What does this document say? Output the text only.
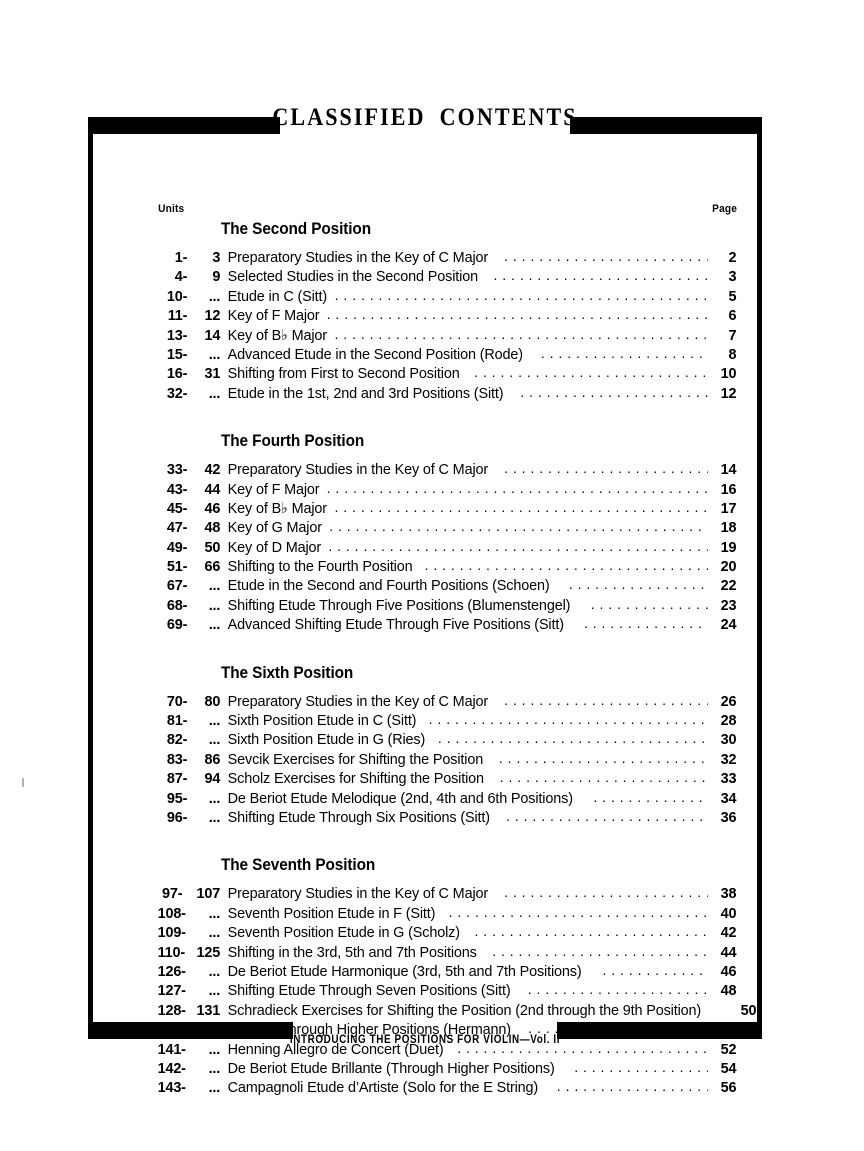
CLASSIFIED CONTENTS
INTRODUCING THE POSITIONS FOR VIOLIN—Vol. II
Units	Page
The Second Position
1-	3 Preparatory Studies in the Key of C Major . . .	2
4-	9 Selected Studies in the Second Position . . .	3
10-	... Etude in C (Sitt) . . .	5
11-	12 Key of F Major . . .	6
13-	14 Key of B♭ Major . . .	7
15-	... Advanced Etude in the Second Position (Rode) . . .	8
16-	31 Shifting from First to Second Position . . .	10
32-	... Etude in the 1st, 2nd and 3rd Positions (Sitt) . . .	12
The Fourth Position
33-	42 Preparatory Studies in the Key of C Major . . .	14
43-	44 Key of F Major . . .	16
45-	46 Key of B♭ Major . . .	17
47-	48 Key of G Major . . .	18
49-	50 Key of D Major . . .	19
51-	66 Shifting to the Fourth Position . . .	20
67-	... Etude in the Second and Fourth Positions (Schoen) . . .	22
68-	... Shifting Etude Through Five Positions (Blumenstengel) . . .	23
69-	... Advanced Shifting Etude Through Five Positions (Sitt) . . .	24
The Sixth Position
70-	80 Preparatory Studies in the Key of C Major . . .	26
81-	... Sixth Position Etude in C (Sitt) . . .	28
82-	... Sixth Position Etude in G (Ries) . . .	30
83-	86 Sevcik Exercises for Shifting the Position . . .	32
87-	94 Scholz Exercises for Shifting the Position . . .	33
95-	... De Beriot Etude Melodique (2nd, 4th and 6th Positions) . . .	34
96-	... Shifting Etude Through Six Positions (Sitt) . . .	36
The Seventh Position
97- 107 Preparatory Studies in the Key of C Major . . .	38
108-	... Seventh Position Etude in F (Sitt) . . .	40
109-	... Seventh Position Etude in G (Scholz) . . .	42
110- 125 Shifting in the 3rd, 5th and 7th Positions . . .	44
126-	... De Beriot Etude Harmonique (3rd, 5th and 7th Positions) . . .	46
127-	... Shifting Etude Through Seven Positions (Sitt) . . .	48
128- 131 Schradieck Exercises for Shifting the Position (2nd through the 9th Position)	50
132- 140 Arpeggi Through Higher Positions (Hermann) . . .	51
141-	... Henning Allegro de Concert (Duet) . . .	52
142-	... De Beriot Etude Brillante (Through Higher Positions) . . .	54
143-	... Campagnoli Etude d’Artiste (Solo for the E String) . . .	56
